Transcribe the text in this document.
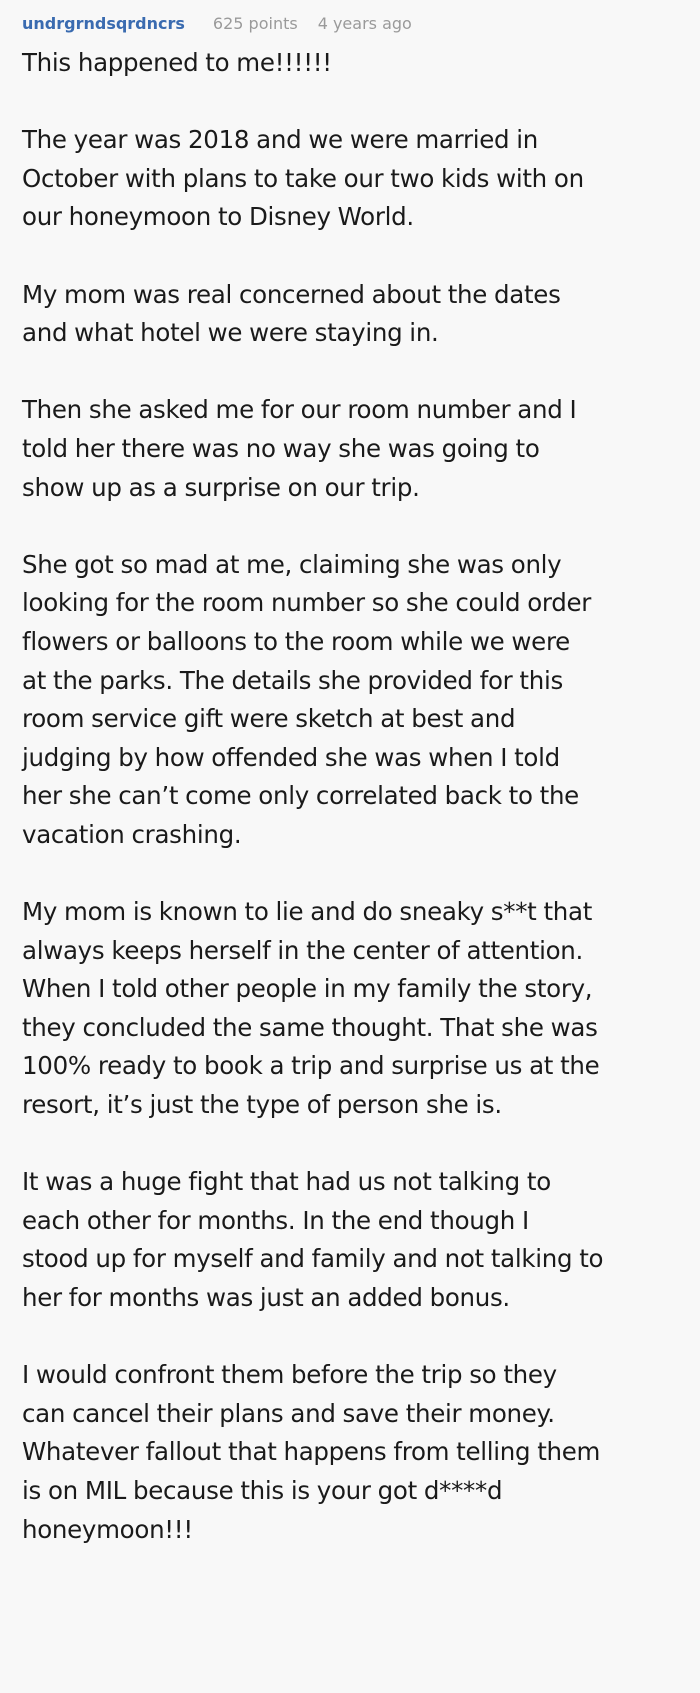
undrgrndsqrdncrs 625 points 4 years ago
This happened to me!!!!!!
The year was 2018 and we were married in
October with plans to take our two kids with on
our honeymoon to Disney World.
My mom was real concerned about the dates
and what hotel we were staying in.
Then she asked me for our room number and I
told her there was no way she was going to
show up as a surprise on our trip.
She got so mad at me, claiming she was only
looking for the room number so she could order
flowers or balloons to the room while we were
at the parks. The details she provided for this
room service gift were sketch at best and
judging by how offended she was when I told
her she can’t come only correlated back to the
vacation crashing.
My mom is known to lie and do sneaky s**t that
always keeps herself in the center of attention.
When I told other people in my family the story,
they concluded the same thought. That she was
100% ready to book a trip and surprise us at the
resort, it’s just the type of person she is.
It was a huge fight that had us not talking to
each other for months. In the end though I
stood up for myself and family and not talking to
her for months was just an added bonus.
I would confront them before the trip so they
can cancel their plans and save their money.
Whatever fallout that happens from telling them
is on MIL because this is your got d****d
honeymoon!!!
